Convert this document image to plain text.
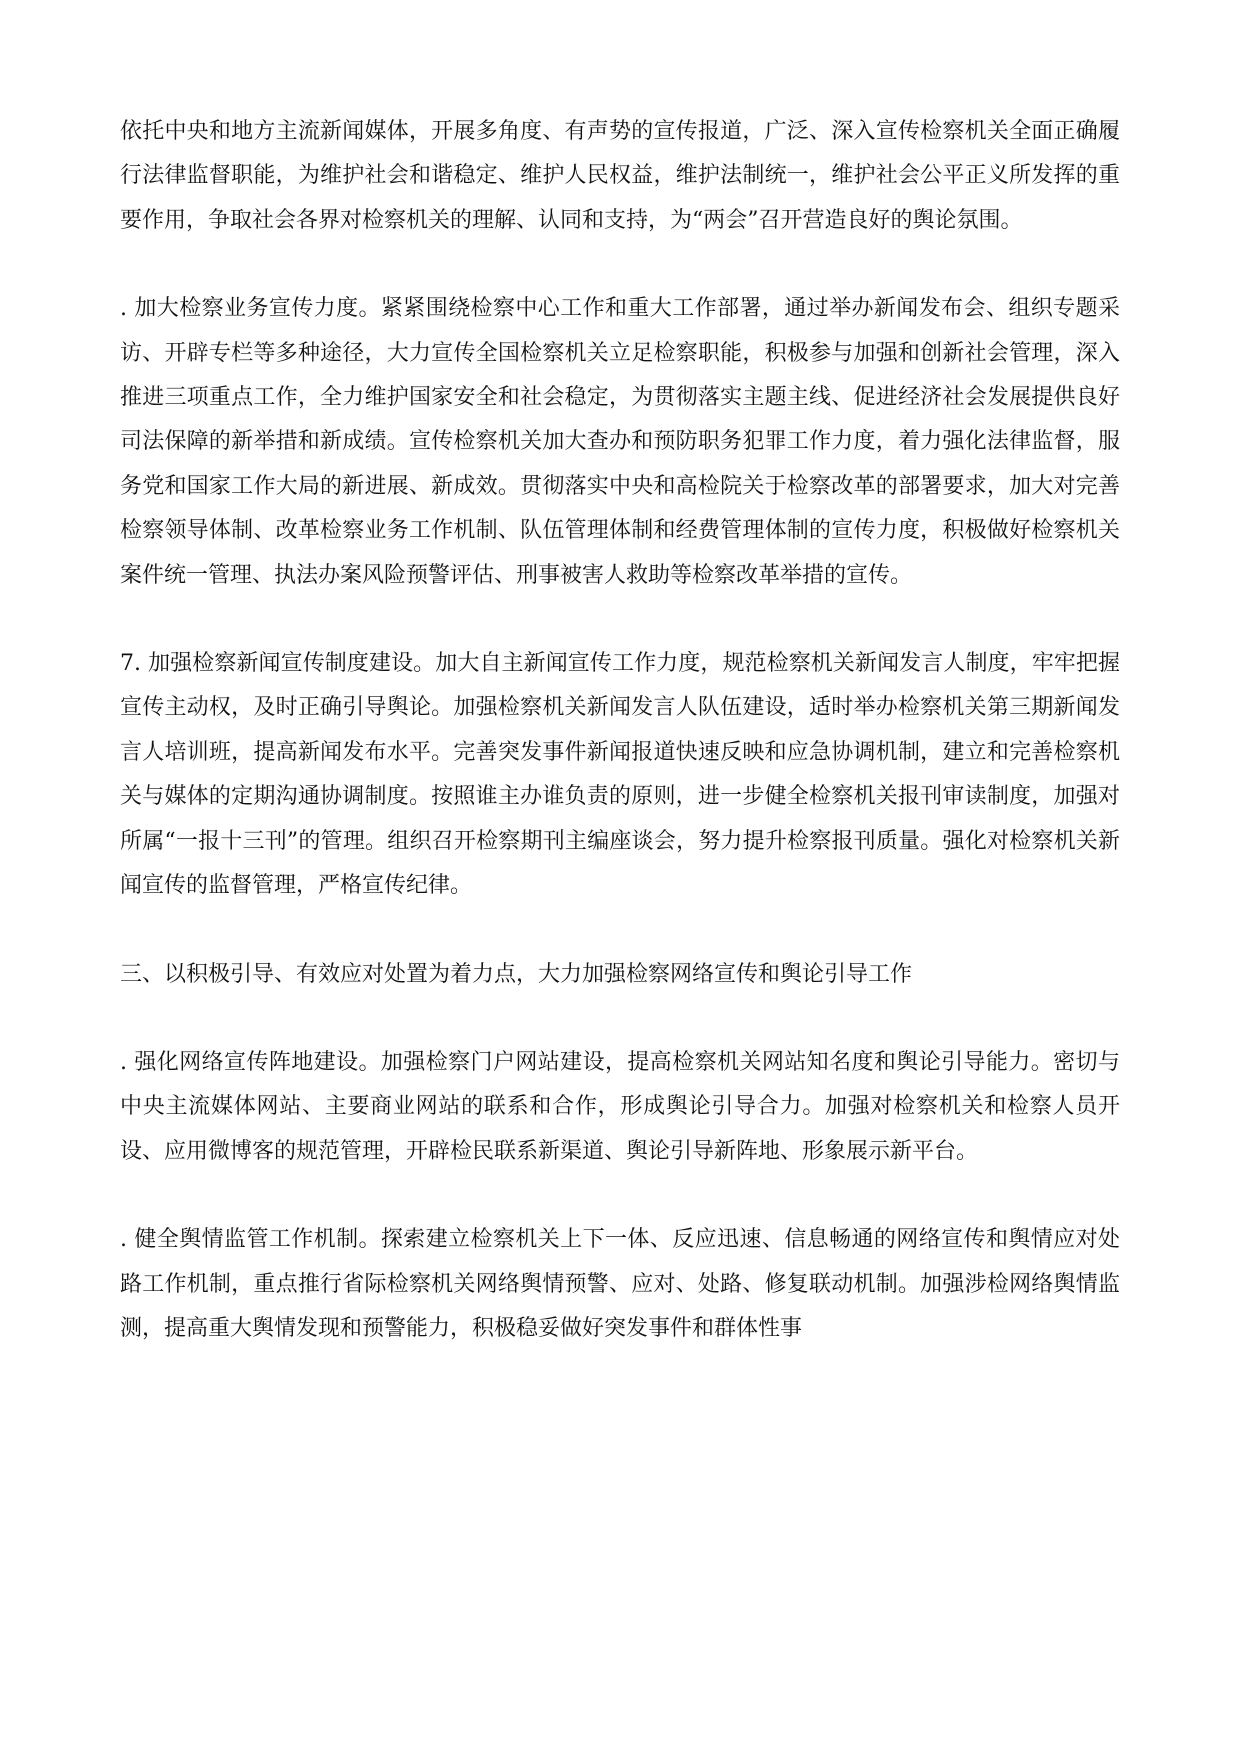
依托中央和地方主流新闻媒体，开展多角度、有声势的宣传报道，广泛、深入宣传检察机关全面正确履行法律监督职能，为维护社会和谐稳定、维护人民权益，维护法制统一，维护社会公平正义所发挥的重要作用，争取社会各界对检察机关的理解、认同和支持，为“两会”召开营造良好的舆论氛围。

. 加大检察业务宣传力度。紧紧围绕检察中心工作和重大工作部署，通过举办新闻发布会、组织专题采访、开辟专栏等多种途径，大力宣传全国检察机关立足检察职能，积极参与加强和创新社会管理，深入推进三项重点工作，全力维护国家安全和社会稳定，为贯彻落实主题主线、促进经济社会发展提供良好司法保障的新举措和新成绩。宣传检察机关加大查办和预防职务犯罪工作力度，着力强化法律监督，服务党和国家工作大局的新进展、新成效。贯彻落实中央和高检院关于检察改革的部署要求，加大对完善检察领导体制、改革检察业务工作机制、队伍管理体制和经费管理体制的宣传力度，积极做好检察机关案件统一管理、执法办案风险预警评估、刑事被害人救助等检察改革举措的宣传。

7. 加强检察新闻宣传制度建设。加大自主新闻宣传工作力度，规范检察机关新闻发言人制度，牢牢把握宣传主动权，及时正确引导舆论。加强检察机关新闻发言人队伍建设，适时举办检察机关第三期新闻发言人培训班，提高新闻发布水平。完善突发事件新闻报道快速反映和应急协调机制，建立和完善检察机关与媒体的定期沟通协调制度。按照谁主办谁负责的原则，进一步健全检察机关报刊审读制度，加强对所属“一报十三刊”的管理。组织召开检察期刊主编座谈会，努力提升检察报刊质量。强化对检察机关新闻宣传的监督管理，严格宣传纪律。

三、以积极引导、有效应对处置为着力点，大力加强检察网络宣传和舆论引导工作

. 强化网络宣传阵地建设。加强检察门户网站建设，提高检察机关网站知名度和舆论引导能力。密切与中央主流媒体网站、主要商业网站的联系和合作，形成舆论引导合力。加强对检察机关和检察人员开设、应用微博客的规范管理，开辟检民联系新渠道、舆论引导新阵地、形象展示新平台。

. 健全舆情监管工作机制。探索建立检察机关上下一体、反应迅速、信息畅通的网络宣传和舆情应对处路工作机制，重点推行省际检察机关网络舆情预警、应对、处路、修复联动机制。加强涉检网络舆情监测，提高重大舆情发现和预警能力，积极稳妥做好突发事件和群体性事
